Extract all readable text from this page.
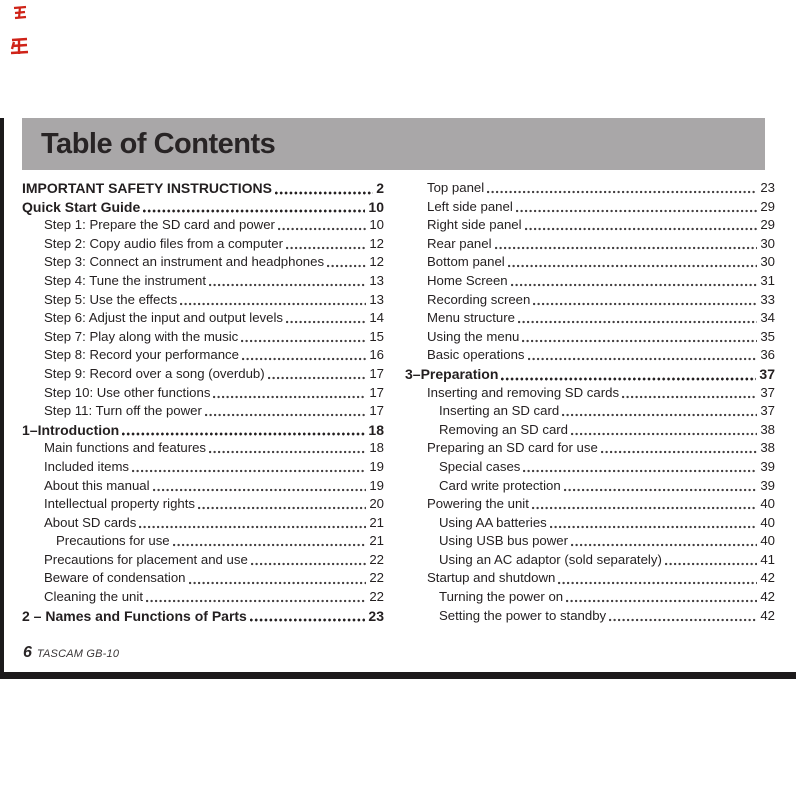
Table of Contents
IMPORTANT SAFETY INSTRUCTIONS	2
Quick Start Guide	10
Step 1: Prepare the SD card and power	10
Step 2: Copy audio files from a computer	12
Step 3: Connect an instrument and headphones	12
Step 4: Tune the instrument	13
Step 5: Use the effects	13
Step 6: Adjust the input and output levels	14
Step 7: Play along with the music	15
Step 8: Record your performance	16
Step 9: Record over a song (overdub)	17
Step 10: Use other functions	17
Step 11: Turn off the power	17
1–Introduction	18
Main functions and features	18
Included items	19
About this manual	19
Intellectual property rights	20
About SD cards	21
Precautions for use	21
Precautions for placement and use	22
Beware of condensation	22
Cleaning the unit	22
2 – Names and Functions of Parts	23
Top panel	23
Left side panel	29
Right side panel	29
Rear panel	30
Bottom panel	30
Home Screen	31
Recording screen	33
Menu structure	34
Using the menu	35
Basic operations	36
3–Preparation	37
Inserting and removing SD cards	37
Inserting an SD card	37
Removing an SD card	38
Preparing an SD card for use	38
Special cases	39
Card write protection	39
Powering the unit	40
Using AA batteries	40
Using USB bus power	40
Using an AC adaptor (sold separately)	41
Startup and shutdown	42
Turning the power on	42
Setting the power to standby	42
6 TASCAM GB-10
